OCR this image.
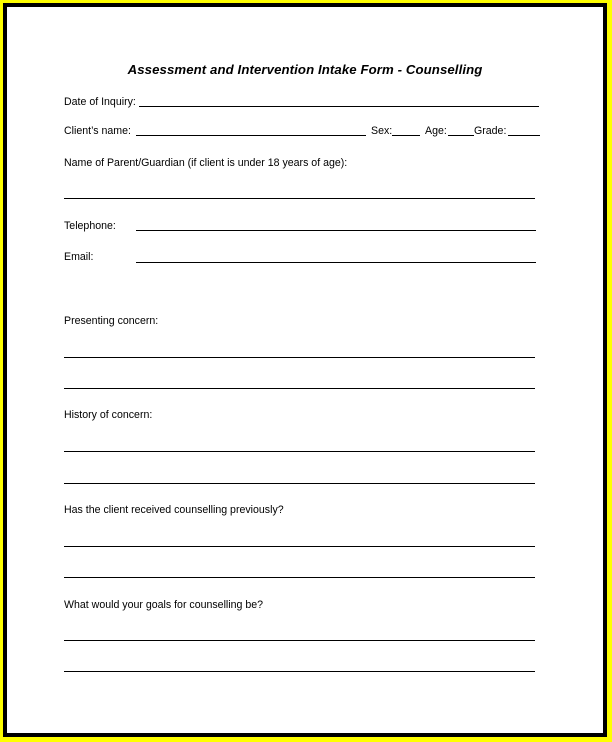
Assessment and Intervention Intake Form - Counselling
Date of Inquiry:
Client’s name:	Sex:	Age:	Grade:
Name of Parent/Guardian (if client is under 18 years of age):
Telephone:
Email:
Presenting concern:
History of concern:
Has the client received counselling previously?
What would your goals for counselling be?
